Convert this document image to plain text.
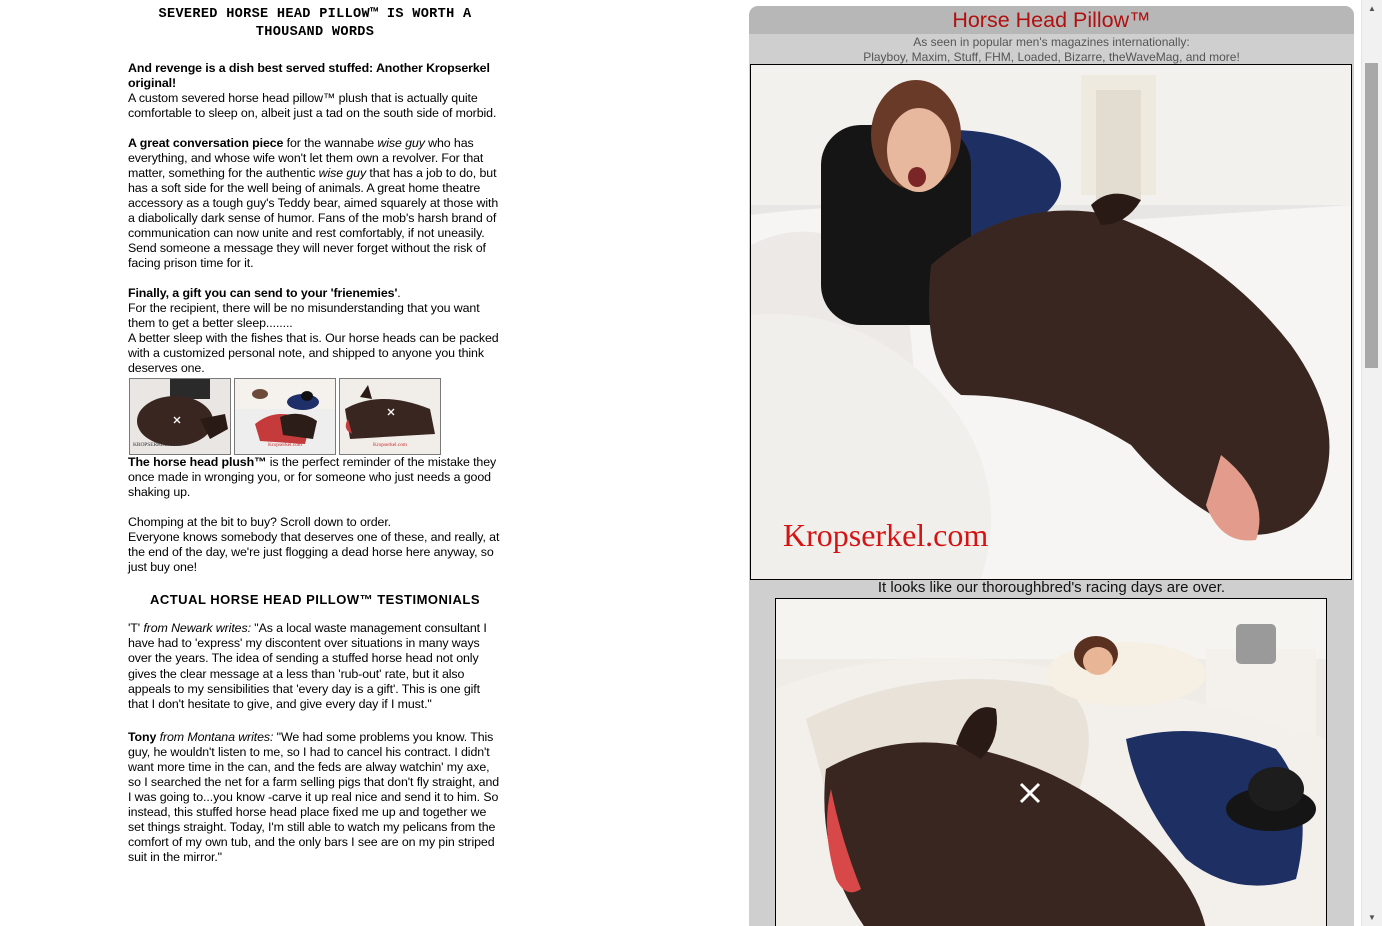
SEVERED HORSE HEAD PILLOW™ IS WORTH A THOUSAND WORDS

And revenge is a dish best served stuffed: Another Kropserkel original!
A custom severed horse head pillow™ plush that is actually quite comfortable to sleep on, albeit just a tad on the south side of morbid.

A great conversation piece for the wannabe wise guy who has everything, and whose wife won't let them own a revolver. For that matter, something for the authentic wise guy that has a job to do, but has a soft side for the well being of animals. A great home theatre accessory as a tough guy's Teddy bear, aimed squarely at those with a diabolically dark sense of humor. Fans of the mob's harsh brand of communication can now unite and rest comfortably, if not uneasily. Send someone a message they will never forget without the risk of facing prison time for it.

Finally, a gift you can send to your 'frienemies'.
For the recipient, there will be no misunderstanding that you want them to get a better sleep........
A better sleep with the fishes that is. Our horse heads can be packed with a customized personal note, and shipped to anyone you think deserves one.

KROPSERKEL.COM	Kropserkel.com	Kropserkel.com

The horse head plush™ is the perfect reminder of the mistake they once made in wronging you, or for someone who just needs a good shaking up.

Chomping at the bit to buy? Scroll down to order.
Everyone knows somebody that deserves one of these, and really, at the end of the day, we're just flogging a dead horse here anyway, so just buy one!

ACTUAL HORSE HEAD PILLOW™ TESTIMONIALS

'T' from Newark writes: "As a local waste management consultant I have had to 'express' my discontent over situations in many ways over the years. The idea of sending a stuffed horse head not only gives the clear message at a less than 'rub-out' rate, but it also appeals to my sensibilities that 'every day is a gift'. This is one gift that I don't hesitate to give, and give every day if I must."

Tony from Montana writes: "We had some problems you know. This guy, he wouldn't listen to me, so I had to cancel his contract. I didn't want more time in the can, and the feds are alway watchin' my axe, so I searched the net for a farm selling pigs that don't fly straight, and I was going to...you know -carve it up real nice and send it to him. So instead, this stuffed horse head place fixed me up and together we set things straight. Today, I'm still able to watch my pelicans from the comfort of my own tub, and the only bars I see are on my pin striped suit in the mirror."

Horse Head Pillow™
As seen in popular men's magazines internationally:
Playboy, Maxim, Stuff, FHM, Loaded, Bizarre, theWaveMag, and more!
Kropserkel.com
It looks like our thoroughbred's racing days are over.
▲
▼
